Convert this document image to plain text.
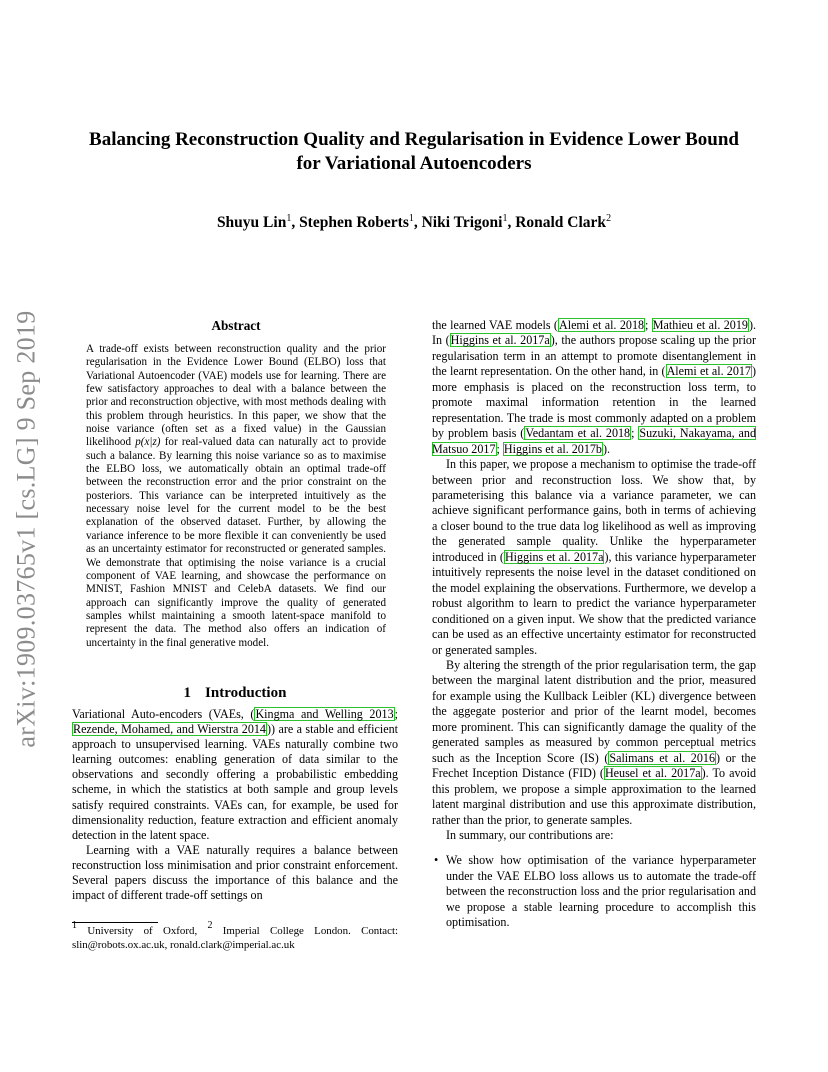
arXiv:1909.03765v1 [cs.LG] 9 Sep 2019
Balancing Reconstruction Quality and Regularisation in Evidence Lower Bound
for Variational Autoencoders
Shuyu Lin$^1$, Stephen Roberts$^1$, Niki Trigoni$^1$, Ronald Clark$^2$
Abstract
A trade-off exists between reconstruction quality and the prior regularisation in the Evidence Lower Bound (ELBO) loss that Variational Autoencoder (VAE) models use for learning. There are few satisfactory approaches to deal with a balance between the prior and reconstruction objective, with most methods dealing with this problem through heuristics. In this paper, we show that the noise variance (often set as a fixed value) in the Gaussian likelihood p(x|z) for real-valued data can naturally act to provide such a balance. By learning this noise variance so as to maximise the ELBO loss, we automatically obtain an optimal trade-off between the reconstruction error and the prior constraint on the posteriors. This variance can be interpreted intuitively as the necessary noise level for the current model to be the best explanation of the observed dataset. Further, by allowing the variance inference to be more flexible it can conveniently be used as an uncertainty estimator for reconstructed or generated samples. We demonstrate that optimising the noise variance is a crucial component of VAE learning, and showcase the performance on MNIST, Fashion MNIST and CelebA datasets. We find our approach can significantly improve the quality of generated samples whilst maintaining a smooth latent-space manifold to represent the data. The method also offers an indication of uncertainty in the final generative model.
1 Introduction

Variational Auto-encoders (VAEs, (Kingma and Welling 2013; Rezende, Mohamed, and Wierstra 2014)) are a stable and efficient approach to unsupervised learning. VAEs naturally combine two learning outcomes: enabling generation of data similar to the observations and secondly offering a probabilistic embedding scheme, in which the statistics at both sample and group levels satisfy required constraints. VAEs can, for example, be used for dimensionality reduction, feature extraction and efficient anomaly detection in the latent space.

Learning with a VAE naturally requires a balance between reconstruction loss minimisation and prior constraint enforcement. Several papers discuss the importance of this balance and the impact of different trade-off settings on

$^1$ University of Oxford, $^2$ Imperial College London. Contact: slin@robots.ox.ac.uk, ronald.clark@imperial.ac.uk

the learned VAE models (Alemi et al. 2018; Mathieu et al. 2019). In (Higgins et al. 2017a), the authors propose scaling up the prior regularisation term in an attempt to promote disentanglement in the learnt representation. On the other hand, in (Alemi et al. 2017) more emphasis is placed on the reconstruction loss term, to promote maximal information retention in the learned representation. The trade is most commonly adapted on a problem by problem basis (Vedantam et al. 2018; Suzuki, Nakayama, and Matsuo 2017; Higgins et al. 2017b).

In this paper, we propose a mechanism to optimise the trade-off between prior and reconstruction loss. We show that, by parameterising this balance via a variance parameter, we can achieve significant performance gains, both in terms of achieving a closer bound to the true data log likelihood as well as improving the generated sample quality. Unlike the hyperparameter introduced in (Higgins et al. 2017a), this variance hyperparameter intuitively represents the noise level in the dataset conditioned on the model explaining the observations. Furthermore, we develop a robust algorithm to learn to predict the variance hyperparameter conditioned on a given input. We show that the predicted variance can be used as an effective uncertainty estimator for reconstructed or generated samples.

By altering the strength of the prior regularisation term, the gap between the marginal latent distribution and the prior, measured for example using the Kullback Leibler (KL) divergence between the aggegate posterior and prior of the learnt model, becomes more prominent. This can significantly damage the quality of the generated samples as measured by common perceptual metrics such as the Inception Score (IS) (Salimans et al. 2016) or the Frechet Inception Distance (FID) (Heusel et al. 2017a). To avoid this problem, we propose a simple approximation to the learned latent marginal distribution and use this approximate distribution, rather than the prior, to generate samples.

In summary, our contributions are:

• We show how optimisation of the variance hyperparameter under the VAE ELBO loss allows us to automate the trade-off between the reconstruction loss and the prior regularisation and we propose a stable learning procedure to accomplish this optimisation.
